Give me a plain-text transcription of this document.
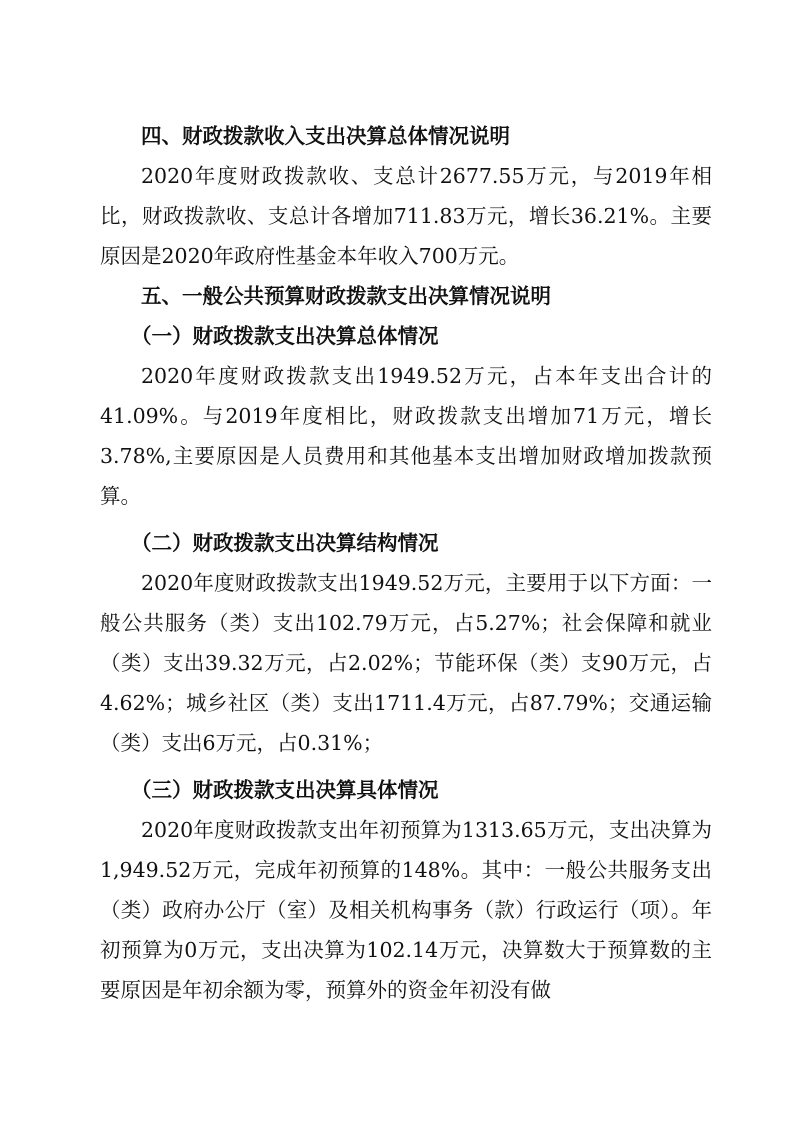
四、财政拨款收入支出决算总体情况说明

2020年度财政拨款收、支总计2677.55万元，与2019年相比，财政拨款收、支总计各增加711.83万元，增长36.21%。主要原因是2020年政府性基金本年收入700万元。

五、一般公共预算财政拨款支出决算情况说明

（一）财政拨款支出决算总体情况

2020年度财政拨款支出1949.52万元，占本年支出合计的41.09%。与2019年度相比，财政拨款支出增加71万元，增长3.78%,主要原因是人员费用和其他基本支出增加财政增加拨款预算。

（二）财政拨款支出决算结构情况

2020年度财政拨款支出1949.52万元，主要用于以下方面：一般公共服务（类）支出102.79万元，占5.27%；社会保障和就业（类）支出39.32万元，占2.02%；节能环保（类）支90万元，占4.62%；城乡社区（类）支出1711.4万元，占87.79%；交通运输（类）支出6万元，占0.31%；

（三）财政拨款支出决算具体情况

2020年度财政拨款支出年初预算为1313.65万元，支出决算为1,949.52万元，完成年初预算的148%。其中：一般公共服务支出（类）政府办公厅（室）及相关机构事务（款）行政运行（项）。年初预算为0万元，支出决算为102.14万元，决算数大于预算数的主要原因是年初余额为零，预算外的资金年初没有做
